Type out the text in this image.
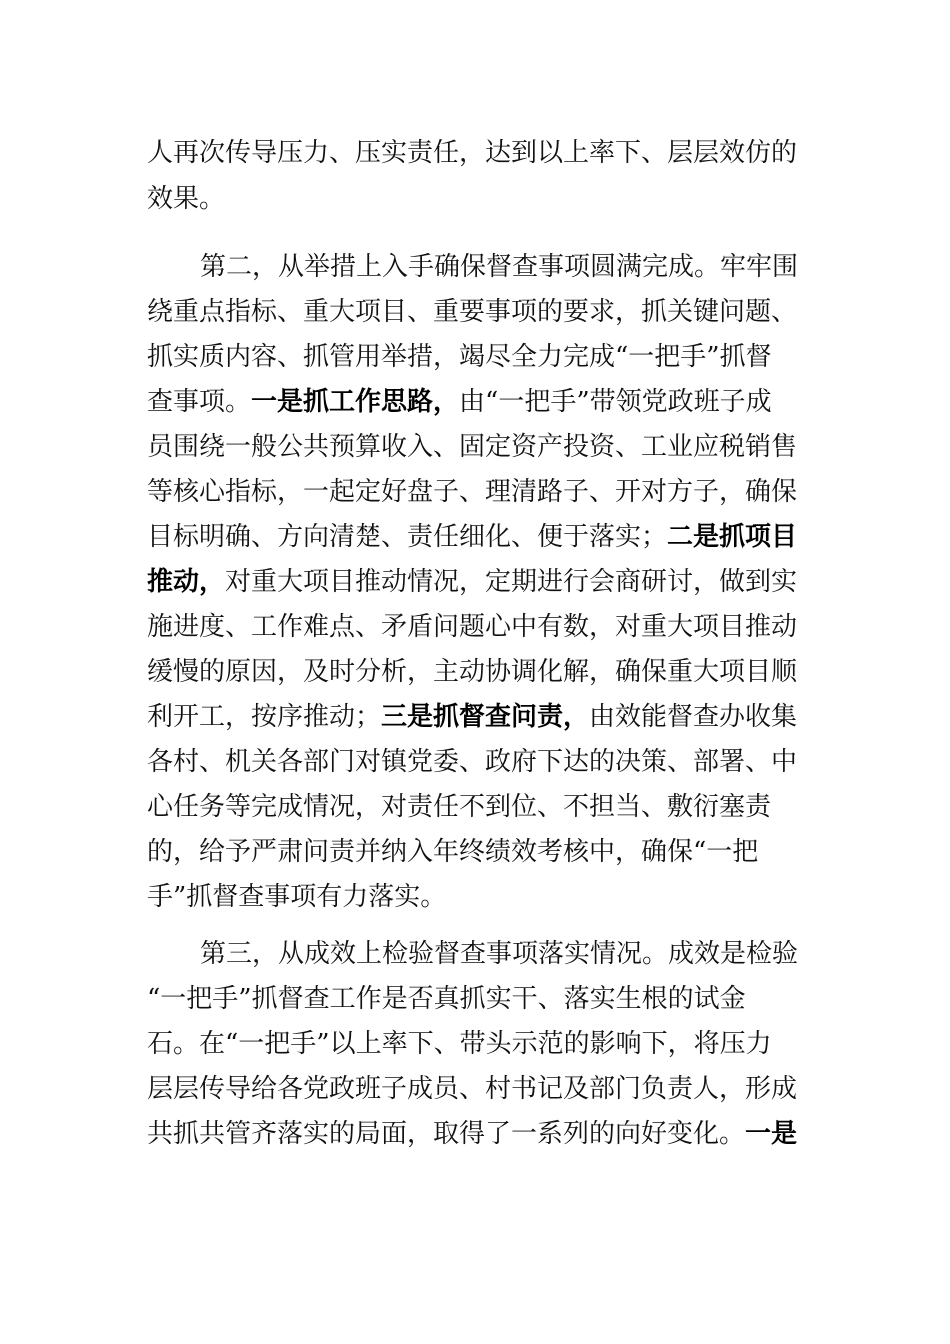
人再次传导压力、压实责任，达到以上率下、层层效仿的
效果。
第二，从举措上入手确保督查事项圆满完成。牢牢围
绕重点指标、重大项目、重要事项的要求，抓关键问题、
抓实质内容、抓管用举措，竭尽全力完成“一把手”抓督
查事项。一是抓工作思路，由“一把手”带领党政班子成
员围绕一般公共预算收入、固定资产投资、工业应税销售
等核心指标，一起定好盘子、理清路子、开对方子，确保
目标明确、方向清楚、责任细化、便于落实；二是抓项目
推动，对重大项目推动情况，定期进行会商研讨，做到实
施进度、工作难点、矛盾问题心中有数，对重大项目推动
缓慢的原因，及时分析，主动协调化解，确保重大项目顺
利开工，按序推动；三是抓督查问责，由效能督查办收集
各村、机关各部门对镇党委、政府下达的决策、部署、中
心任务等完成情况，对责任不到位、不担当、敷衍塞责
的，给予严肃问责并纳入年终绩效考核中，确保“一把
手”抓督查事项有力落实。
第三，从成效上检验督查事项落实情况。成效是检验
“一把手”抓督查工作是否真抓实干、落实生根的试金
石。在“一把手”以上率下、带头示范的影响下，将压力
层层传导给各党政班子成员、村书记及部门负责人，形成
共抓共管齐落实的局面，取得了一系列的向好变化。一是
